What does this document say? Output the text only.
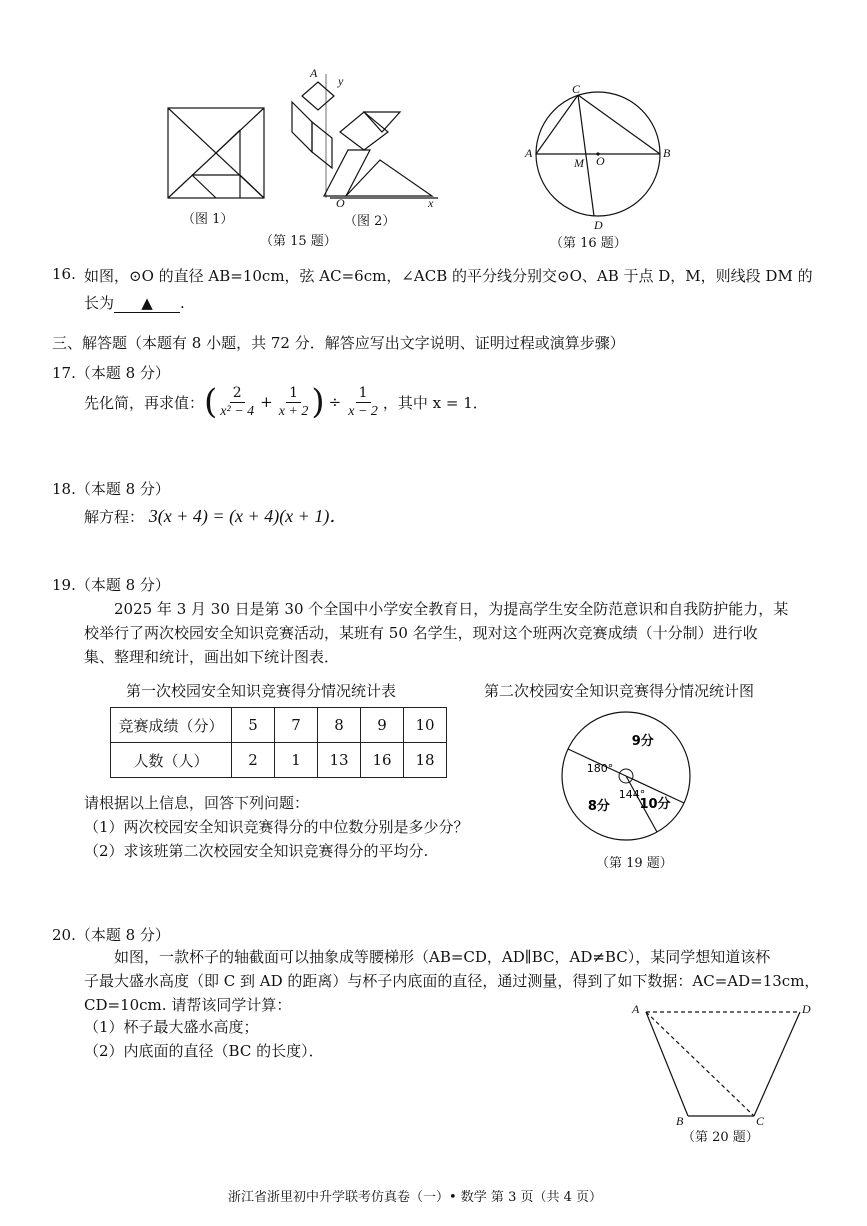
A
y
O	x
（图 1）	（图 2）
（第 15 题）
C
A
M O
B
D
（第 16 题）
16. 如图，⊙O 的直径 AB=10cm，弦 AC=6cm，∠ACB 的平分线分别交⊙O、AB 于点 D，M，则线段 DM 的
长为 ▲ .
三、解答题（本题有 8 小题，共 72 分．解答应写出文字说明、证明过程或演算步骤）
17.（本题 8 分）
先化简，再求值： ( $\frac{2}{\text{x² − 4}} + \frac{1}{x + 2}$ ) ÷ $\frac{1}{x - 2}$ ，其中 x = 1．
18.（本题 8 分）
解方程： 3(x + 4) = (x + 4)(x + 1)．
19.（本题 8 分）
2025 年 3 月 30 日是第 30 个全国中小学安全教育日，为提高学生安全防范意识和自我防护能力，某
校举行了两次校园安全知识竞赛活动，某班有 50 名学生，现对这个班两次竞赛成绩（十分制）进行收
集、整理和统计，画出如下统计图表．
第一次校园安全知识竞赛得分情况统计表	第二次校园安全知识竞赛得分情况统计图
竞赛成绩（分）	5	7	8	9	10
人数（人）	2	1	13	16	18
9分
10分
8分
180°
144°
请根据以上信息，回答下列问题：
（1）两次校园安全知识竞赛得分的中位数分别是多少分？
（2）求该班第二次校园安全知识竞赛得分的平均分.
（第 19 题）
20.（本题 8 分）
如图，一款杯子的轴截面可以抽象成等腰梯形（AB=CD，AD∥BC，AD≠BC），某同学想知道该杯
子最大盛水高度（即 C 到 AD 的距离）与杯子内底面的直径，通过测量，得到了如下数据：AC=AD=13cm，
CD=10cm. 请帮该同学计算：
（1）杯子最大盛水高度；
（2）内底面的直径（BC 的长度）．
A	D
B	C
（第 20 题）
浙江省浙里初中升学联考仿真卷（一）• 数学 第 3 页（共 4 页）
